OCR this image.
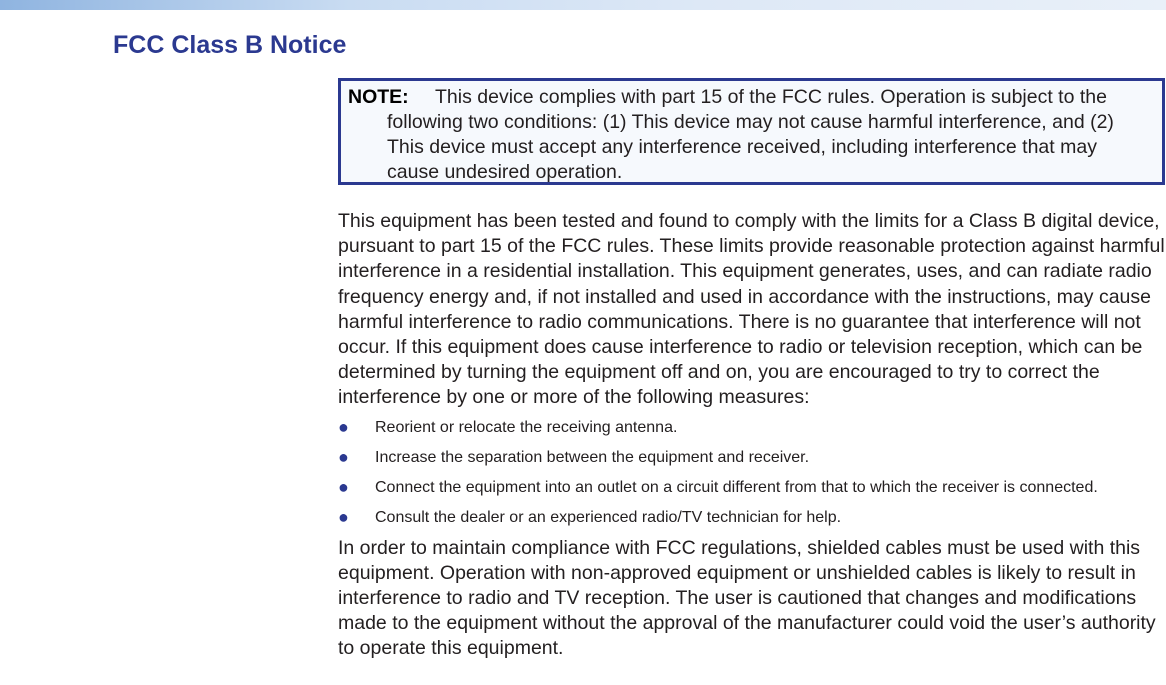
FCC Class B Notice
NOTE:	This device complies with part 15 of the FCC rules. Operation is subject to the following two conditions: (1) This device may not cause harmful interference, and (2) This device must accept any interference received, including interference that may cause undesired operation.

This equipment has been tested and found to comply with the limits for a Class B digital device, pursuant to part 15 of the FCC rules. These limits provide reasonable protection against harmful interference in a residential installation. This equipment generates, uses, and can radiate radio frequency energy and, if not installed and used in accordance with the instructions, may cause harmful interference to radio communications. There is no guarantee that interference will not occur. If this equipment does cause interference to radio or television reception, which can be determined by turning the equipment off and on, you are encouraged to try to correct the interference by one or more of the following measures:

● Reorient or relocate the receiving antenna.
● Increase the separation between the equipment and receiver.
● Connect the equipment into an outlet on a circuit different from that to which the receiver is connected.
● Consult the dealer or an experienced radio/TV technician for help.

In order to maintain compliance with FCC regulations, shielded cables must be used with this equipment. Operation with non-approved equipment or unshielded cables is likely to result in interference to radio and TV reception. The user is cautioned that changes and modifications made to the equipment without the approval of the manufacturer could void the user’s authority to operate this equipment.
